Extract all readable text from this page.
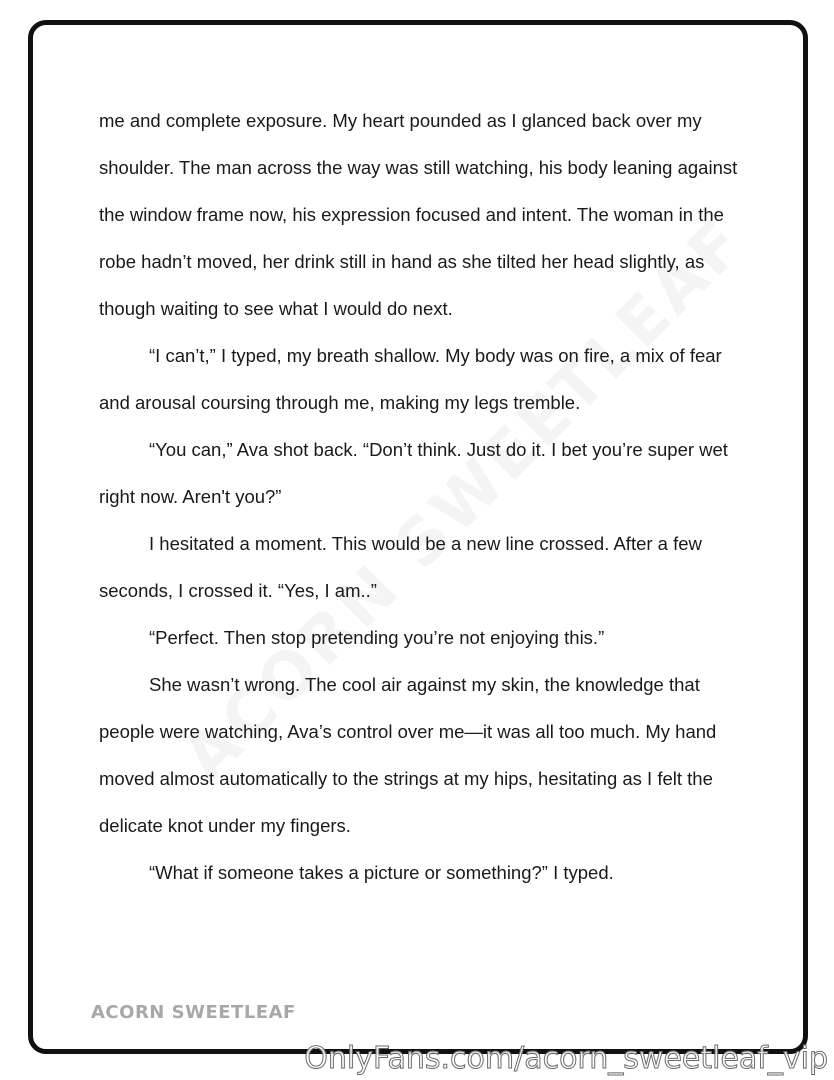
me and complete exposure. My heart pounded as I glanced back over my shoulder. The man across the way was still watching, his body leaning against the window frame now, his expression focused and intent. The woman in the robe hadn’t moved, her drink still in hand as she tilted her head slightly, as though waiting to see what I would do next.

“I can’t,” I typed, my breath shallow. My body was on fire, a mix of fear and arousal coursing through me, making my legs tremble.

“You can,” Ava shot back. “Don’t think. Just do it. I bet you’re super wet right now. Aren't you?”

I hesitated a moment. This would be a new line crossed. After a few seconds, I crossed it. “Yes, I am..”

“Perfect. Then stop pretending you’re not enjoying this.”

She wasn’t wrong. The cool air against my skin, the knowledge that people were watching, Ava’s control over me—it was all too much. My hand moved almost automatically to the strings at my hips, hesitating as I felt the delicate knot under my fingers.

“What if someone takes a picture or something?” I typed.

ACORN SWEETLEAF
OnlyFans.com/acorn_sweetleaf_vip
